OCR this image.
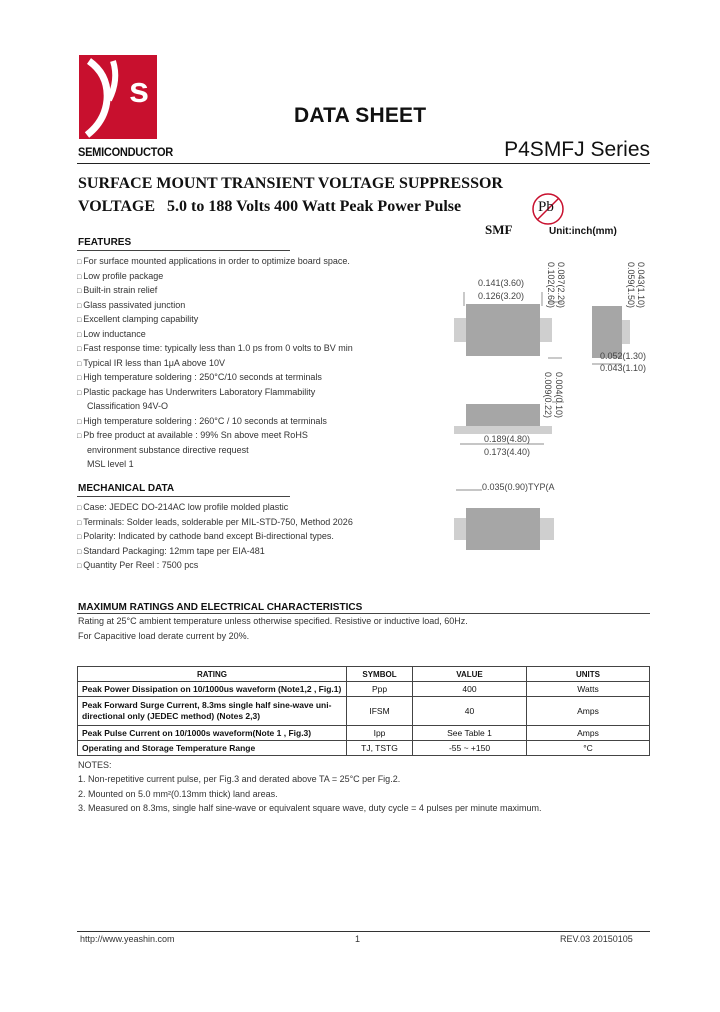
s
SEMICONDUCTOR
DATA SHEET
P4SMFJ Series
SURFACE MOUNT TRANSIENT VOLTAGE SUPPRESSOR
VOLTAGE   5.0 to 188 Volts 400 Watt Peak Power Pulse	Pb
SMF	Unit:inch(mm)
FEATURES
□ For surface mounted applications in order to optimize board space.
□ Low profile package
□ Built-in strain relief
□ Glass passivated junction
□ Excellent clamping capability
□ Low inductance
□ Fast response time: typically less than 1.0 ps from 0 volts to BV min
□ Typical IR less than 1μA above 10V
□ High temperature soldering : 250°C/10 seconds at terminals
□ Plastic package has Underwriters Laboratory Flammability
Classification 94V-O
□ High temperature soldering : 260°C / 10 seconds at terminals
□ Pb free product at available : 99% Sn above meet RoHS
environment substance directive request
MSL level 1
0.141(3.60)
0.126(3.20) 0.102(2.60) 0.087(2.20)	0.059(1.50) 0.043(1.10)
0.052(1.30)
0.043(1.10)
0.009(0.22) 0.004(0.10)
0.189(4.80)
0.173(4.40)
0.035(0.90)TYP(A
MECHANICAL DATA
□ Case: JEDEC DO-214AC low profile molded plastic
□ Terminals: Solder leads, solderable per MIL-STD-750, Method 2026
□ Polarity: Indicated by cathode band except Bi-directional types.
□ Standard Packaging: 12mm tape per EIA-481
□ Quantity Per Reel : 7500 pcs
MAXIMUM RATINGS AND ELECTRICAL CHARACTERISTICS
Rating at 25°C ambient temperature unless otherwise specified. Resistive or inductive load, 60Hz.
For Capacitive load derate current by 20%.
RATING	SYMBOL	VALUE	UNITS
Peak Power Dissipation on 10/1000us waveform (Note1,2 , Fig.1)	Ppp	400	Watts
Peak Forward Surge Current, 8.3ms single half sine-wave uni-directional only (JEDEC method) (Notes 2,3)	IFSM	40	Amps
Peak Pulse Current on 10/1000s waveform(Note 1 , Fig.3)	Ipp	See Table 1	Amps
Operating and Storage Temperature Range	TJ, TSTG	-55 ~ +150	°C
NOTES:
1. Non-repetitive current pulse, per Fig.3 and derated above TA = 25°C per Fig.2.
2. Mounted on 5.0 mm²(0.13mm thick) land areas.
3. Measured on 8.3ms, single half sine-wave or equivalent square wave, duty cycle = 4 pulses per minute maximum.
http://www.yeashin.com	1	REV.03 20150105
